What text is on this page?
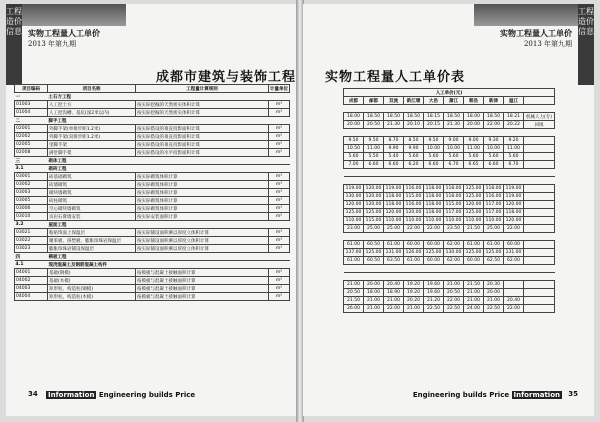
工程造价信息 实物工程量人工单价
2013 年第九期
成都市建筑与装饰工程
项目编码	项目名称	工程量计算规则	计量单位
一	土石方工程		
01003	人工挖土方	按实际挖掘的天然密实体积计算	m³
01004	人工挖沟槽、基坑(深2米以内)	按实际挖掘的天然密实体积计算	m³
二	脚手工程		
02001	外脚手架(单排步距1.2米)	按实际搭设的垂直投影面积计算	m²
02002	外脚手架(双排步距1.2米)	按实际搭设的垂直投影面积计算	m²
02005	里脚手架	按实际搭设的垂直投影面积计算	m²
02008	满堂脚手架	按实际搭设的水平投影面积计算	m²
三	砌体工程		
3.1	砌砖工程		
03001	砖基础砌筑	按实际砌筑体积计算	m³
03002	砖墙砌筑	按实际砌筑体积计算	m³
03003	砌块墙砌筑	按实际砌筑体积计算	m³
03005	砖柱砌筑	按实际砌筑体积计算	m³
03006	空心砌块墙砌筑	按实际砌筑体积计算	m³
03010	页岩石膏墙安装	按实际安装面积计算	m²
3.2	屋面工程		
03021	粘贴饰面上保温层	按实际铺设面积乘以厚度立体积计算	m³
03022	聚苯板、挤塑板、膨胀珍珠岩保温层	按实际铺设面积乘以厚度立体积计算	m³
03023	膨胀珍珠岩铺设保温层	按实际铺设面积乘以厚度立体积计算	m³
四	模板工程		
4.1	现浇混凝土及钢筋混凝土构件		
04001	基础(钢模)	按模板与混凝土接触面积计算	m²
04002	基础(木模)	按模板与混凝土接触面积计算	m²
04003	矩形柱、构造柱(钢模)	按模板与混凝土接触面积计算	m²
04004	矩形柱、构造柱(木模)	按模板与混凝土接触面积计算	m²
34 Information Engineering builds Price
工程造价信息
实物工程量人工单价
2013 年第九期
实物工程量人工单价表
人工单价(元)									
成都	邮都	双流	新江堰	大邑	蒲江	郫县	新津	温江	

18.00	18.50	18.50	18.50	18.15	18.50	18.00	18.50	18.21	机械人力(专)
20.00	20.50	21.30	20.10	20.15	21.30	20.00	22.00	20.22	回填

9.50	9.50	8.70	8.50	9.50	9.00	9.00	9.30	9.20	
10.50	11.00	9.90	9.90	10.00	10.00	11.00	10.00	11.00	
5.60	5.50	5.40	5.60	5.60	5.60	5.60	5.60	5.60	
7.00	6.60	6.60	6.20	6.60	6.70	6.65	6.60	6.70	

119.00	120.00	119.00	116.00	118.00	118.00	125.00	118.00	119.00	
130.00	120.00	118.00	115.00	118.00	118.00	125.00	116.00	119.00	
120.00	120.00	118.00	116.00	118.00	115.00	120.00	117.00	120.00	
125.00	125.00	120.00	120.00	118.00	117.00	125.00	117.00	118.00	
110.00	115.00	110.00	110.00	110.00	110.00	110.00	110.00	120.00	
23.00	25.00	25.00	22.00	22.00	23.50	21.50	25.00	22.00	

61.00	60.50	61.00	60.00	60.00	62.00	61.00	61.00	60.00	
137.00	125.00	131.00	126.00	125.00	130.00	125.00	125.00	131.00	
61.00	60.50	63.50	61.00	60.00	62.00	60.00	62.50	62.00	

21.00	20.00	20.40	19.20	19.60	21.00	21.50	20.30		
20.50	18.00	18.90	19.20	19.60	20.50	21.00	20.00		
21.50	21.00	21.00	20.20	21.20	22.00	21.00	21.00	20.40	
26.00	21.00	22.00	21.00	22.50	22.50	24.00	22.50	22.00	
Engineering builds Price Information 35
